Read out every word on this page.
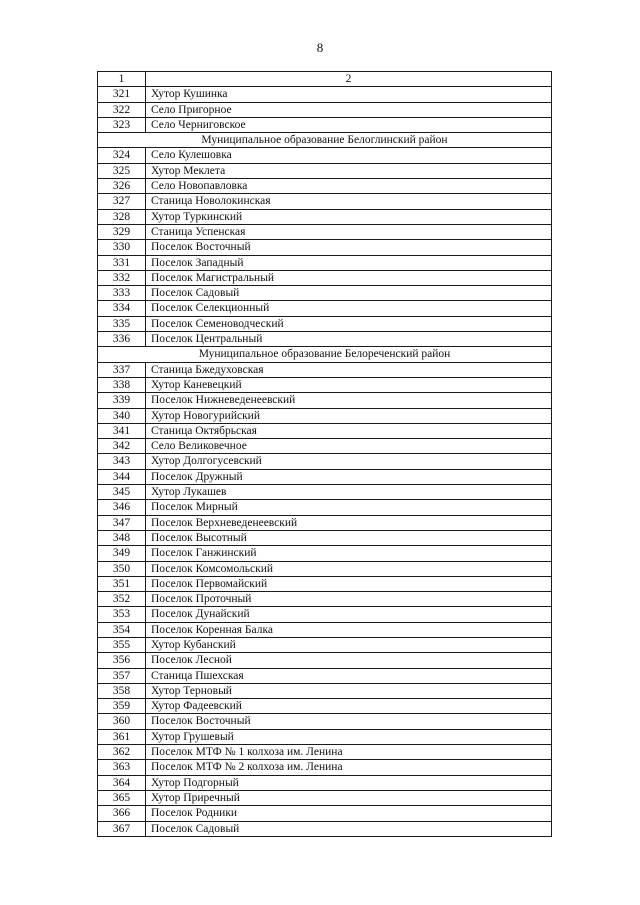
8
1	2
321	Хутор Кушинка
322	Село Пригорное
323	Село Черниговское
Муниципальное образование Белоглинский район	
324	Село Кулешовка
325	Хутор Меклета
326	Село Новопавловка
327	Станица Новолокинская
328	Хутор Туркинский
329	Станица Успенская
330	Поселок Восточный
331	Поселок Западный
332	Поселок Магистральный
333	Поселок Садовый
334	Поселок Селекционный
335	Поселок Семеноводческий
336	Поселок Центральный
Муниципальное образование Белореченский район	
337	Станица Бжедуховская
338	Хутор Каневецкий
339	Поселок Нижневеденеевский
340	Хутор Новогурийский
341	Станица Октябрьская
342	Село Великовечное
343	Хутор Долгогусевский
344	Поселок Дружный
345	Хутор Лукашев
346	Поселок Мирный
347	Поселок Верхневеденеевский
348	Поселок Высотный
349	Поселок Ганжинский
350	Поселок Комсомольский
351	Поселок Первомайский
352	Поселок Проточный
353	Поселок Дунайский
354	Поселок Коренная Балка
355	Хутор Кубанский
356	Поселок Лесной
357	Станица Пшехская
358	Хутор Терновый
359	Хутор Фадеевский
360	Поселок Восточный
361	Хутор Грушевый
362	Поселок МТФ № 1 колхоза им. Ленина
363	Поселок МТФ № 2 колхоза им. Ленина
364	Хутор Подгорный
365	Хутор Приречный
366	Поселок Родники
367	Поселок Садовый
